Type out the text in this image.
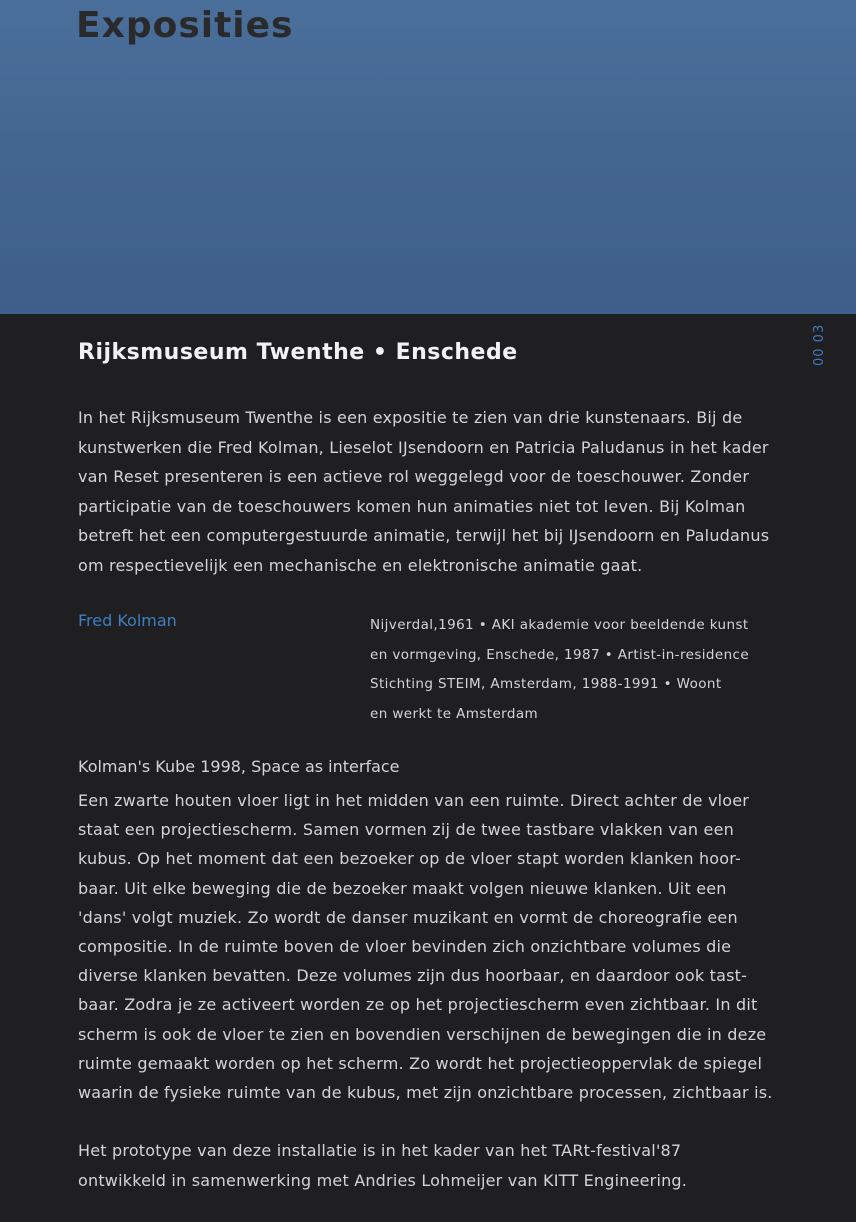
Exposities
00 03
Rijksmuseum Twenthe • Enschede

In het Rijksmuseum Twenthe is een expositie te zien van drie kunstenaars. Bij de
kunstwerken die Fred Kolman, Lieselot IJsendoorn en Patricia Paludanus in het kader
van Reset presenteren is een actieve rol weggelegd voor de toeschouwer. Zonder
participatie van de toeschouwers komen hun animaties niet tot leven. Bij Kolman
betreft het een computergestuurde animatie, terwijl het bij IJsendoorn en Paludanus
om respectievelijk een mechanische en elektronische animatie gaat.

Fred Kolman	Nijverdal,1961 • AKI akademie voor beeldende kunst
en vormgeving, Enschede, 1987 • Artist-in-residence
Stichting STEIM, Amsterdam, 1988-1991 • Woont
en werkt te Amsterdam

Kolman's Kube 1998, Space as interface

Een zwarte houten vloer ligt in het midden van een ruimte. Direct achter de vloer
staat een projectiescherm. Samen vormen zij de twee tastbare vlakken van een
kubus. Op het moment dat een bezoeker op de vloer stapt worden klanken hoor-
baar. Uit elke beweging die de bezoeker maakt volgen nieuwe klanken. Uit een
'dans' volgt muziek. Zo wordt de danser muzikant en vormt de choreografie een
compositie. In de ruimte boven de vloer bevinden zich onzichtbare volumes die
diverse klanken bevatten. Deze volumes zijn dus hoorbaar, en daardoor ook tast-
baar. Zodra je ze activeert worden ze op het projectiescherm even zichtbaar. In dit
scherm is ook de vloer te zien en bovendien verschijnen de bewegingen die in deze
ruimte gemaakt worden op het scherm. Zo wordt het projectieoppervlak de spiegel
waarin de fysieke ruimte van de kubus, met zijn onzichtbare processen, zichtbaar is.

Het prototype van deze installatie is in het kader van het TARt-festival'87
ontwikkeld in samenwerking met Andries Lohmeijer van KITT Engineering.
